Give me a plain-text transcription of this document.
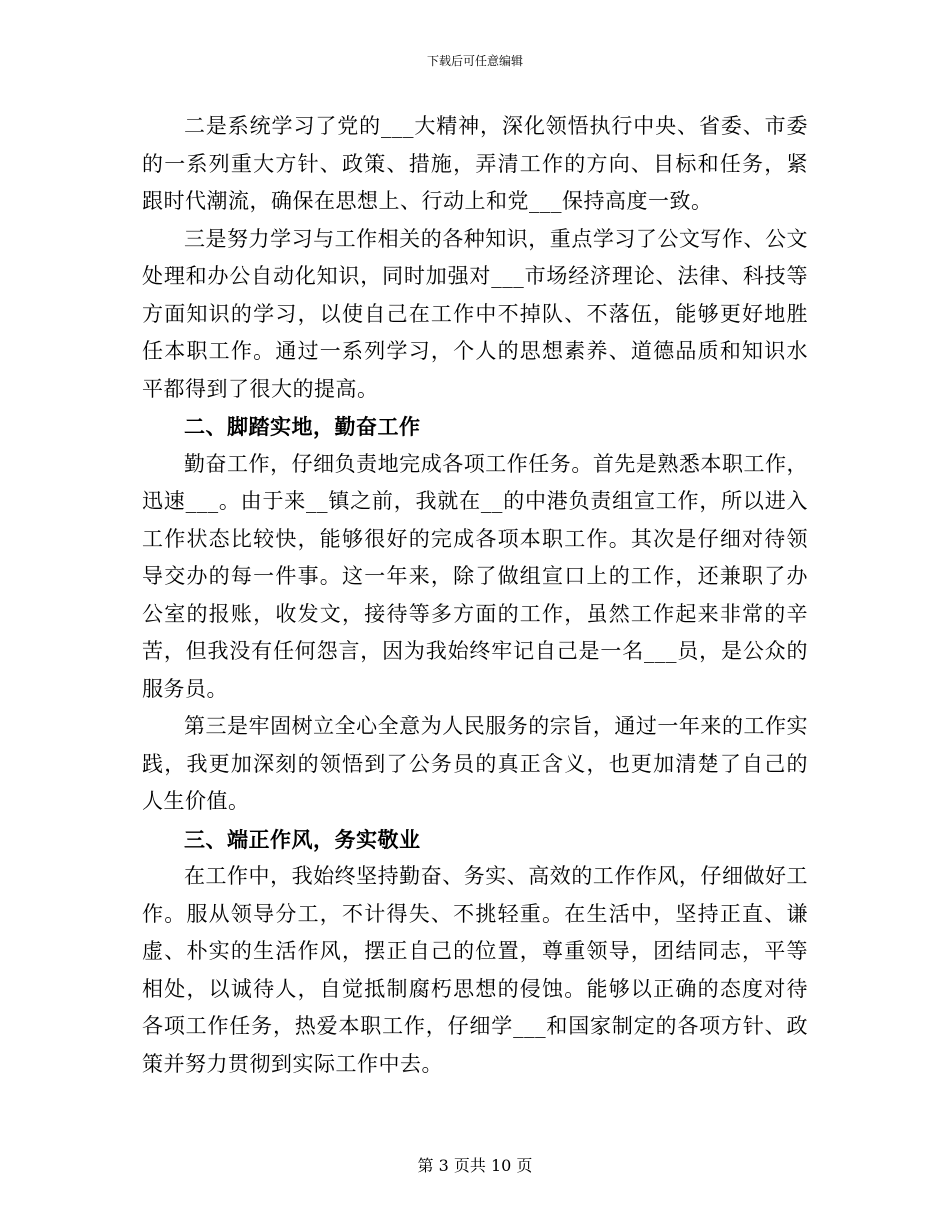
下载后可任意编辑

二是系统学习了党的___大精神，深化领悟执行中央、省委、市委的一系列重大方针、政策、措施，弄清工作的方向、目标和任务，紧跟时代潮流，确保在思想上、行动上和党___保持高度一致。

三是努力学习与工作相关的各种知识，重点学习了公文写作、公文处理和办公自动化知识，同时加强对___市场经济理论、法律、科技等方面知识的学习，以使自己在工作中不掉队、不落伍，能够更好地胜任本职工作。通过一系列学习，个人的思想素养、道德品质和知识水平都得到了很大的提高。

二、脚踏实地，勤奋工作

勤奋工作，仔细负责地完成各项工作任务。首先是熟悉本职工作，迅速___。由于来__镇之前，我就在__的中港负责组宣工作，所以进入工作状态比较快，能够很好的完成各项本职工作。其次是仔细对待领导交办的每一件事。这一年来，除了做组宣口上的工作，还兼职了办公室的报账，收发文，接待等多方面的工作，虽然工作起来非常的辛苦，但我没有任何怨言，因为我始终牢记自己是一名___员，是公众的服务员。

第三是牢固树立全心全意为人民服务的宗旨，通过一年来的工作实践，我更加深刻的领悟到了公务员的真正含义，也更加清楚了自己的人生价值。

三、端正作风，务实敬业

在工作中，我始终坚持勤奋、务实、高效的工作作风，仔细做好工作。服从领导分工，不计得失、不挑轻重。在生活中，坚持正直、谦虚、朴实的生活作风，摆正自己的位置，尊重领导，团结同志，平等相处，以诚待人，自觉抵制腐朽思想的侵蚀。能够以正确的态度对待各项工作任务，热爱本职工作，仔细学___和国家制定的各项方针、政策并努力贯彻到实际工作中去。

第 3 页共 10 页
